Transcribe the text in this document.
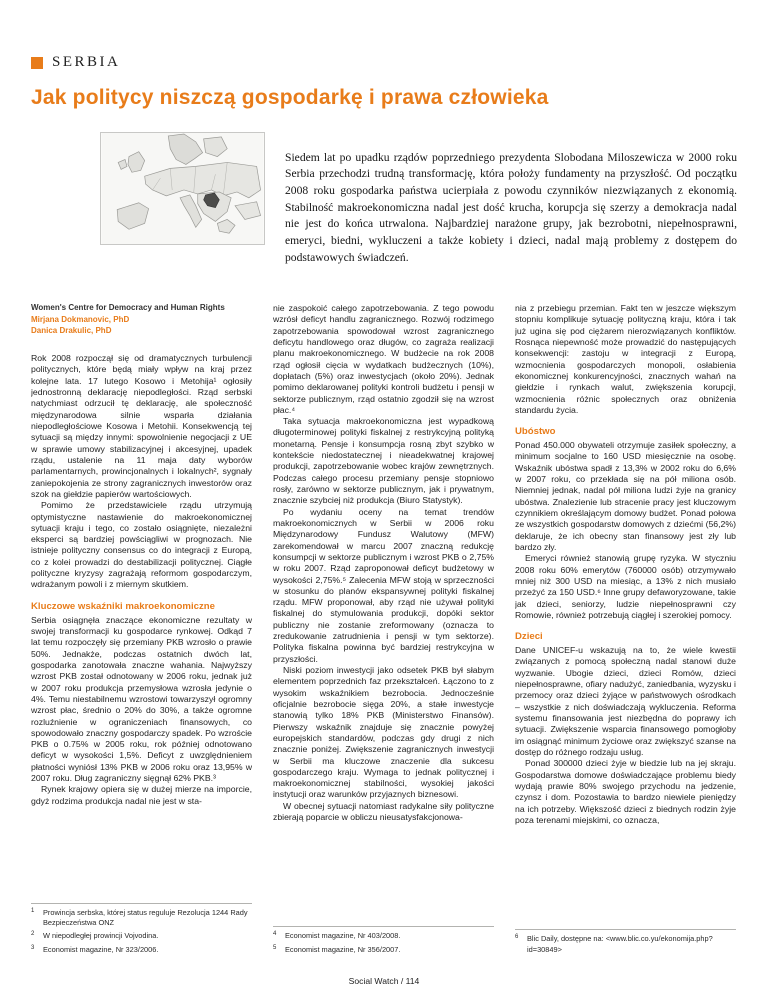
SERBIA
Jak politycy niszczą gospodarkę i prawa człowieka

Siedem lat po upadku rządów poprzedniego prezydenta Slobodana Miloszewicza w 2000 roku Serbia przechodzi trudną transformację, która położy fundamenty na przyszłość. Od początku 2008 roku gospodarka państwa ucierpiała z powodu czynników niezwiązanych z ekonomią. Stabilność makroekonomiczna nadal jest dość krucha, korupcja się szerzy a demokracja nadal nie jest do końca utrwalona. Najbardziej narażone grupy, jak bezrobotni, niepełnosprawni, emeryci, biedni, wykluczeni a także kobiety i dzieci, nadal mają problemy z dostępem do podstawowych świadczeń.

Women's Centre for Democracy and Human Rights
Mirjana Dokmanovic, PhD
Danica Drakulic, PhD

Rok 2008 rozpoczął się od dramatycznych turbulencji politycznych, które będą miały wpływ na kraj przez kolejne lata. 17 lutego Kosowo i Metohija¹ ogłosiły jednostronną deklarację niepodległości. Rząd serbski natychmiast odrzucił tę deklarację, ale społeczność międzynarodowa silnie wsparła działania niepodległościowe Kosowa i Metohii. Konsekwencją tej sytuacji są między innymi: spowolnienie negocjacji z UE w sprawie umowy stabilizacyjnej i akcesyjnej, upadek rządu, ustalenie na 11 maja daty wyborów parlamentarnych, prowincjonalnych i lokalnych², sygnały zaniepokojenia ze strony zagranicznych inwestorów oraz szok na giełdzie papierów wartościowych.

Pomimo że przedstawiciele rządu utrzymują optymistyczne nastawienie do makroekonomicznej sytuacji kraju i tego, co zostało osiągnięte, niezależni eksperci są bardziej powściągliwi w prognozach. Nie istnieje polityczny consensus co do integracji z Europą, co z kolei prowadzi do destabilizacji politycznej. Ciągłe polityczne kryzysy zagrażają reformom gospodarczym, wdrażanym powoli i z miernym skutkiem.

Kluczowe wskaźniki makroekonomiczne

Serbia osiągnęła znaczące ekonomiczne rezultaty w swojej transformacji ku gospodarce rynkowej. Odkąd 7 lat temu rozpoczęły się przemiany PKB wzrosło o prawie 50%. Jednakże, podczas ostatnich dwóch lat, gospodarka zanotowała znaczne wahania. Najwyższy wzrost PKB został odnotowany w 2006 roku, jednak już w 2007 roku produkcja przemysłowa wzrosła jedynie o 4%. Temu niestabilnemu wzrostowi towarzyszył ogromny wzrost płac, średnio o 20% do 30%, a także ogromne rozluźnienie w ograniczeniach finansowych, co spowodowało znaczny gospodarczy spadek. Po wzroście PKB o 0.75% w 2005 roku, rok później odnotowano deficyt w wysokości 1,5%. Deficyt z uwzględnieniem płatności wyniósł 13% PKB w 2006 roku oraz 13,95% w 2007 roku. Dług zagraniczny sięgnął 62% PKB.³

Rynek krajowy opiera się w dużej mierze na imporcie, gdyż rodzima produkcja nadal nie jest w sta-

1	Prowincja serbska, której status reguluje Rezolucja 1244 Rady Bezpieczeństwa ONZ
2	W niepodległej prowincji Vojvodina.
3	Economist magazine, Nr 323/2006.

nie zaspokoić całego zapotrzebowania. Z tego powodu wzrósł deficyt handlu zagranicznego. Rozwój rodzimego zapotrzebowania spowodował wzrost zagranicznego deficytu handlowego oraz długów, co zagraża realizacji planu makroekonomicznego. W budżecie na rok 2008 rząd ogłosił cięcia w wydatkach budżecznych (10%), dopłatach (5%) oraz inwestycjach (około 20%). Jednak pomimo deklarowanej polityki kontroli budżetu i pensji w sektorze publicznym, rząd ostatnio zgodził się na wzrost płac.⁴

Taka sytuacja makroekonomiczna jest wypadkową długoterminowej polityki fiskalnej z restrykcyjną polityką monetarną. Pensje i konsumpcja rosną zbyt szybko w kontekście niedostatecznej i nieadekwatnej krajowej produkcji, zapotrzebowanie wobec krajów zewnętrznych. Podczas całego procesu przemiany pensje stopniowo rosły, zarówno w sektorze publicznym, jak i prywatnym, znacznie szybciej niż produkcja (Biuro Statystyk).

Po wydaniu oceny na temat trendów makroekonomicznych w Serbii w 2006 roku Międzynarodowy Fundusz Walutowy (MFW) zarekomendował w marcu 2007 znaczną redukcję konsumpcji w sektorze publicznym i wzrost PKB o 2,75% w roku 2007. Rząd zaproponował deficyt budżetowy w wysokości 2,75%.⁵ Zalecenia MFW stoją w sprzeczności w stosunku do planów ekspansywnej polityki fiskalnej rządu. MFW proponował, aby rząd nie używał polityki fiskalnej do stymulowania produkcji, dopóki sektor publiczny nie zostanie zreformowany (oznacza to zredukowanie zatrudnienia i pensji w tym sektorze). Polityka fiskalna powinna być bardziej restrykcyjna w przyszłości.

Niski poziom inwestycji jako odsetek PKB był słabym elementem poprzednich faz przekształceń. Łączono to z wysokim wskaźnikiem bezrobocia. Jednocześnie oficjalnie bezrobocie sięga 20%, a stałe inwestycje stanowią tylko 18% PKB (Ministerstwo Finansów). Pierwszy wskaźnik znajduje się znacznie powyżej europejskich standardów, podczas gdy drugi z nich znacznie poniżej. Zwiększenie zagranicznych inwestycji w Serbii ma kluczowe znaczenie dla sukcesu gospodarczego kraju. Wymaga to jednak politycznej i makroekonomicznej stabilności, wysokiej jakości instytucji oraz warunków przyjaznych biznesowi.

W obecnej sytuacji natomiast radykalne siły polityczne zbierają poparcie w obliczu nieusatysfakcjonowa-

4	Economist magazine, Nr 403/2008.
5	Economist magazine, Nr 356/2007.

nia z przebiegu przemian. Fakt ten w jeszcze większym stopniu komplikuje sytuację polityczną kraju, która i tak już ugina się pod ciężarem nierozwiązanych konfliktów. Rosnąca niepewność może prowadzić do następujących konsekwencji: zastoju w integracji z Europą, wzmocnienia gospodarczych monopoli, osłabienia ekonomicznej konkurencyjności, znacznych wahań na giełdzie i rynkach walut, zwiększenia korupcji, wzmocnienia różnic społecznych oraz obniżenia standardu życia.

Ubóstwo

Ponad 450.000 obywateli otrzymuje zasiłek społeczny, a minimum socjalne to 160 USD miesięcznie na osobę. Wskaźnik ubóstwa spadł z 13,3% w 2002 roku do 6,6% w 2007 roku, co przekłada się na pół miliona osób. Niemniej jednak, nadal pół miliona ludzi żyje na granicy ubóstwa. Znalezienie lub stracenie pracy jest kluczowym czynnikiem określającym domowy budżet. Ponad połowa ze wszystkich gospodarstw domowych z dziećmi (56,2%) deklaruje, że ich obecny stan finansowy jest zły lub bardzo zły.

Emeryci również stanowią grupę ryzyka. W styczniu 2008 roku 60% emerytów (760000 osób) otrzymywało mniej niż 300 USD na miesiąc, a 13% z nich musiało przeżyć za 150 USD.⁶ Inne grupy defaworyzowane, takie jak dzieci, seniorzy, ludzie niepełnosprawni czy Romowie, również potrzebują ciągłej i szerokiej pomocy.

Dzieci

Dane UNICEF-u wskazują na to, że wiele kwestii związanych z pomocą społeczną nadal stanowi duże wyzwanie. Ubogie dzieci, dzieci Romów, dzieci niepełnosprawne, ofiary nadużyć, zaniedbania, wyzysku i przemocy oraz dzieci żyjące w państwowych ośrodkach – wszystkie z nich doświadczają wykluczenia. Reforma systemu finansowania jest niezbędna do poprawy ich sytuacji. Zwiększenie wsparcia finansowego pomogłoby im osiągnąć minimum życiowe oraz zwiększyć szanse na dostęp do różnego rodzaju usług.

Ponad 300000 dzieci żyje w biedzie lub na jej skraju. Gospodarstwa domowe doświadczające problemu biedy wydają prawie 80% swojego przychodu na jedzenie, czynsz i dom. Pozostawia to bardzo niewiele pieniędzy na ich potrzeby. Większość dzieci z biednych rodzin żyje poza terenami miejskimi, co oznacza,

6	Blic Daily, dostępne na: <www.blic.co.yu/ekonomija.php?id=30849>
Social Watch / 114
